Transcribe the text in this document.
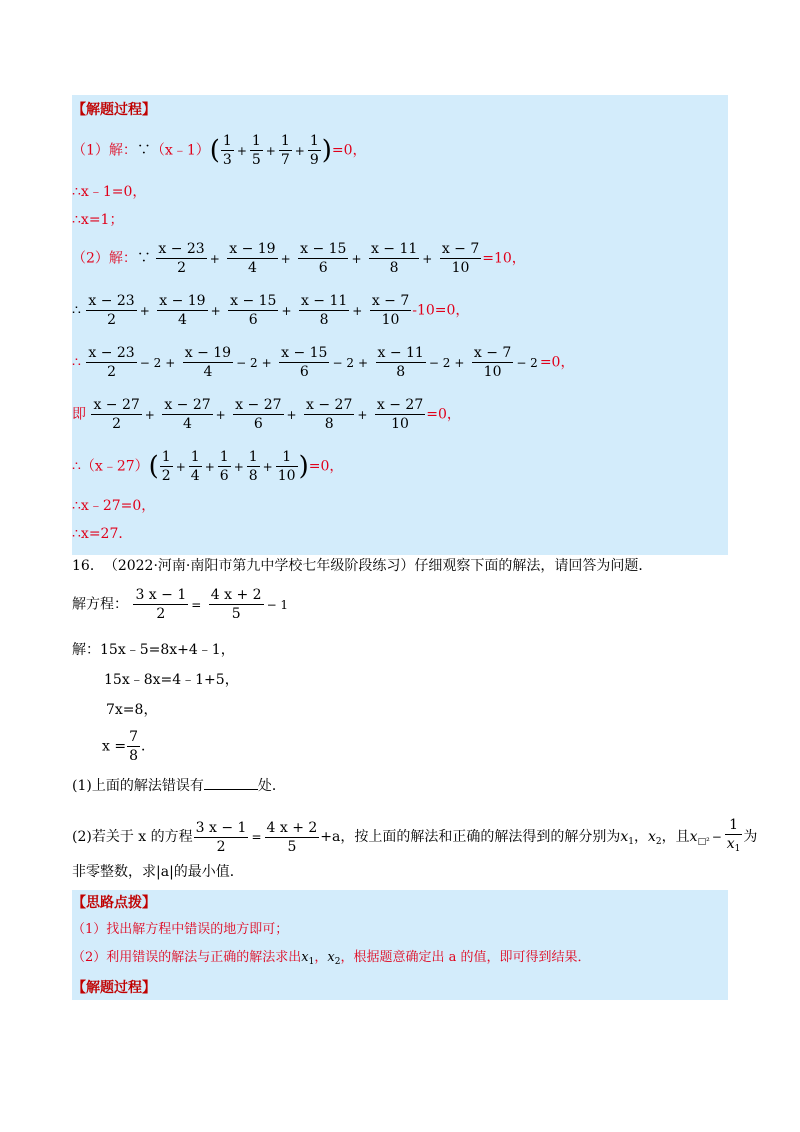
【解题过程】
（1）解：∵（x﹣1）( $\frac{1}{3} + \frac{1}{5} + \frac{1}{7} + \frac{1}{9} )=0$，
∴x﹣1=0，
∴x=1；
（2）解：∵ $\frac{x - 23}{2} + \frac{x - 19}{4} + \frac{x - 15}{6} + \frac{x - 11}{8} + \frac{x - 7}{10} =10$，
∴ $\frac{x - 23}{2} + \frac{x - 19}{4} + \frac{x - 15}{6} + \frac{x - 11}{8} + \frac{x - 7}{10} -10=0$，
∴ $\frac{x - 23}{2} - 2 + \frac{x - 19}{4} - 2 + \frac{x - 15}{6} - 2 + \frac{x - 11}{8} - 2 + \frac{x - 7}{10} - 2 =0$，
即 $\frac{x - 27}{2} + \frac{x - 27}{4} + \frac{x - 27}{6} + \frac{x - 27}{8} + \frac{x - 27}{10} =0$，
∴（x﹣27）( $\frac{1}{2} + \frac{1}{4} + \frac{1}{6} + \frac{1}{8} + \frac{1}{10} )=0$，
∴x﹣27=0，
∴x=27．
16．　（2022·河南·南阳市第九中学校七年级阶段练习）仔细观察下面的解法，请回答为问题．
解方程： $\frac{3 x - 1}{2} = \frac{4 x + 2}{5} - 1$
解：15x﹣5=8x+4﹣1，
15x﹣8x=4﹣1+5，
7x=8，
$x = \frac{7}{8}$ ．
(1)上面的解法错误有	处．
(2)若关于 x 的方程 $\frac{3 x - 1}{2} = \frac{4 x + 2}{5} +a$，按上面的解法和正确的解法得到的解分别为$x_1$，$x_2$，且$x_{□^2} - \frac{1}{x_1}$ 为
非零整数，求|a|的最小值．
【思路点拨】
（1）找出解方程中错误的地方即可；
（2）利用错误的解法与正确的解法求出$x_1$，$x_2$，根据题意确定出 a 的值，即可得到结果．
【解题过程】
